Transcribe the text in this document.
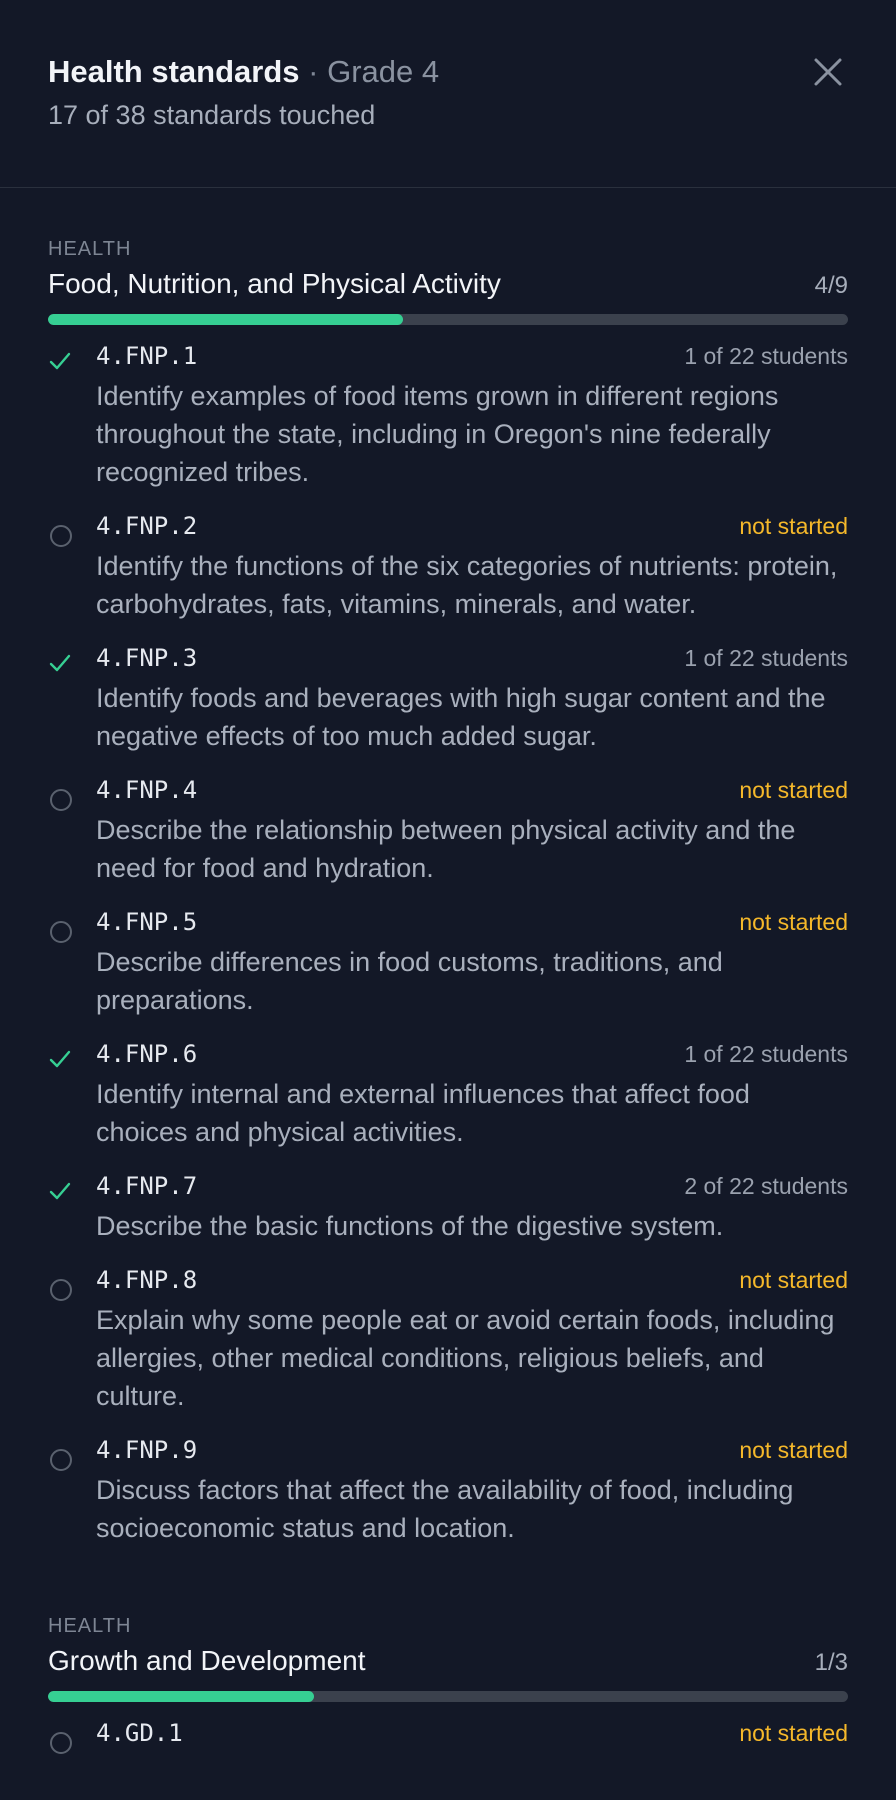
Health standards · Grade 4
17 of 38 standards touched
HEALTH
Food, Nutrition, and Physical Activity	4/9
4.FNP.1	1 of 22 students
Identify examples of food items grown in different regions throughout the state, including in Oregon's nine federally recognized tribes.
4.FNP.2	not started
Identify the functions of the six categories of nutrients: protein, carbohydrates, fats, vitamins, minerals, and water.
4.FNP.3	1 of 22 students
Identify foods and beverages with high sugar content and the negative effects of too much added sugar.
4.FNP.4	not started
Describe the relationship between physical activity and the need for food and hydration.
4.FNP.5	not started
Describe differences in food customs, traditions, and preparations.
4.FNP.6	1 of 22 students
Identify internal and external influences that affect food choices and physical activities.
4.FNP.7	2 of 22 students
Describe the basic functions of the digestive system.
4.FNP.8	not started
Explain why some people eat or avoid certain foods, including allergies, other medical conditions, religious beliefs, and culture.
4.FNP.9	not started
Discuss factors that affect the availability of food, including socioeconomic status and location.
HEALTH
Growth and Development	1/3
4.GD.1	not started
